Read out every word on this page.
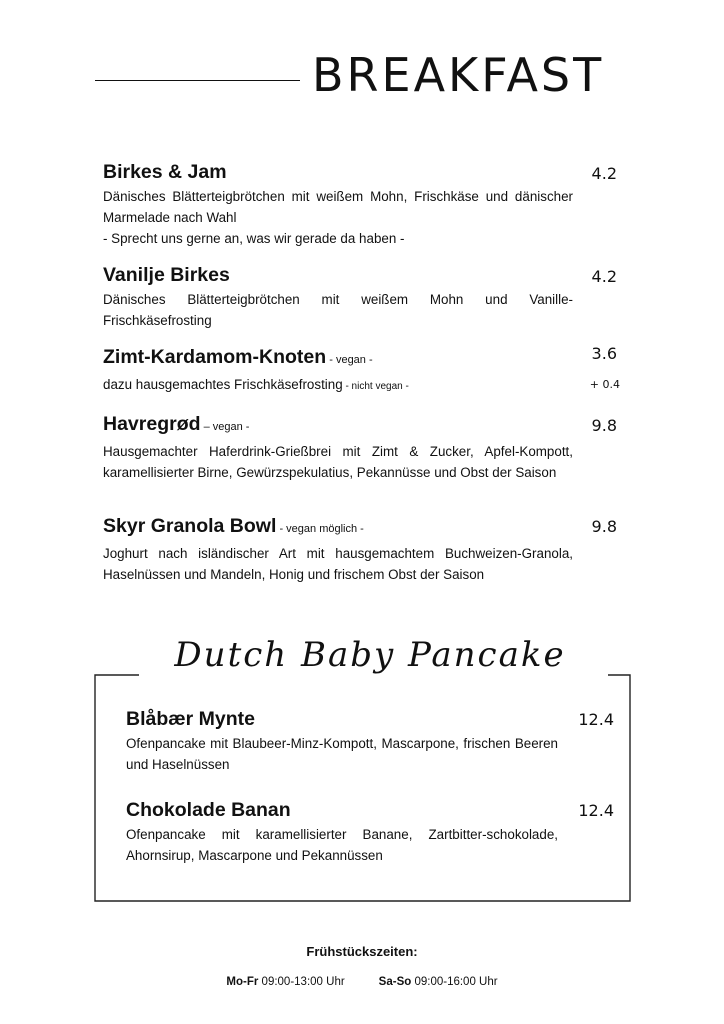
BREAKFAST
Birkes & Jam
Dänisches Blätterteigbrötchen mit weißem Mohn, Frischkäse und dänischer Marmelade nach Wahl
- Sprecht uns gerne an, was wir gerade da haben -
4.2
Vanilje Birkes
Dänisches Blätterteigbrötchen mit weißem Mohn und Vanille-Frischkäsefrosting
4.2
Zimt-Kardamom-Knoten - vegan -
dazu hausgemachtes Frischkäsefrosting - nicht vegan -
3.6
+ 0.4
Havregrød – vegan -
Hausgemachter Haferdrink-Grießbrei mit Zimt & Zucker, Apfel-Kompott, karamellisierter Birne, Gewürzspekulatius, Pekannüsse und Obst der Saison
9.8
Skyr Granola Bowl - vegan möglich -
Joghurt nach isländischer Art mit hausgemachtem Buchweizen-Granola, Haselnüssen und Mandeln, Honig und frischem Obst der Saison
9.8
Dutch Baby Pancake
Blåbær Mynte
Ofenpancake mit Blaubeer-Minz-Kompott, Mascarpone, frischen Beeren und Haselnüssen
12.4
Chokolade Banan
Ofenpancake mit karamellisierter Banane, Zartbitter-schokolade, Ahornsirup, Mascarpone und Pekannüssen
12.4
Frühstückszeiten:
Mo-Fr 09:00-13:00 Uhr	Sa-So 09:00-16:00 Uhr
